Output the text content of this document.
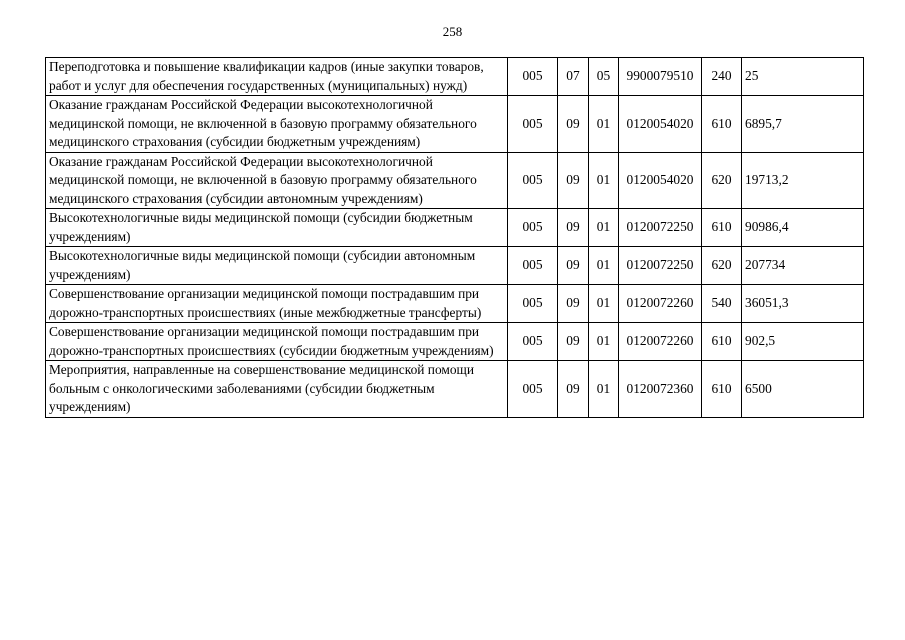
258
Переподготовка и повышение квалификации кадров (иные закупки товаров, работ и услуг для обеспечения государственных (муниципальных) нужд)	005	07	05	9900079510	240	25
Оказание гражданам Российской Федерации высокотехнологичной медицинской помощи, не включенной в базовую программу обязательного медицинского страхования (субсидии бюджетным учреждениям)	005	09	01	0120054020	610	6895,7
Оказание гражданам Российской Федерации высокотехнологичной медицинской помощи, не включенной в базовую программу обязательного медицинского страхования (субсидии автономным учреждениям)	005	09	01	0120054020	620	19713,2
Высокотехнологичные виды медицинской помощи (субсидии бюджетным учреждениям)	005	09	01	0120072250	610	90986,4
Высокотехнологичные виды медицинской помощи (субсидии автономным учреждениям)	005	09	01	0120072250	620	207734
Совершенствование организации медицинской помощи пострадавшим при дорожно-транспортных происшествиях (иные межбюджетные трансферты)	005	09	01	0120072260	540	36051,3
Совершенствование организации медицинской помощи пострадавшим при дорожно-транспортных происшествиях (субсидии бюджетным учреждениям)	005	09	01	0120072260	610	902,5
Мероприятия, направленные на совершенствование медицинской помощи больным с онкологическими заболеваниями (субсидии бюджетным учреждениям)	005	09	01	0120072360	610	6500
